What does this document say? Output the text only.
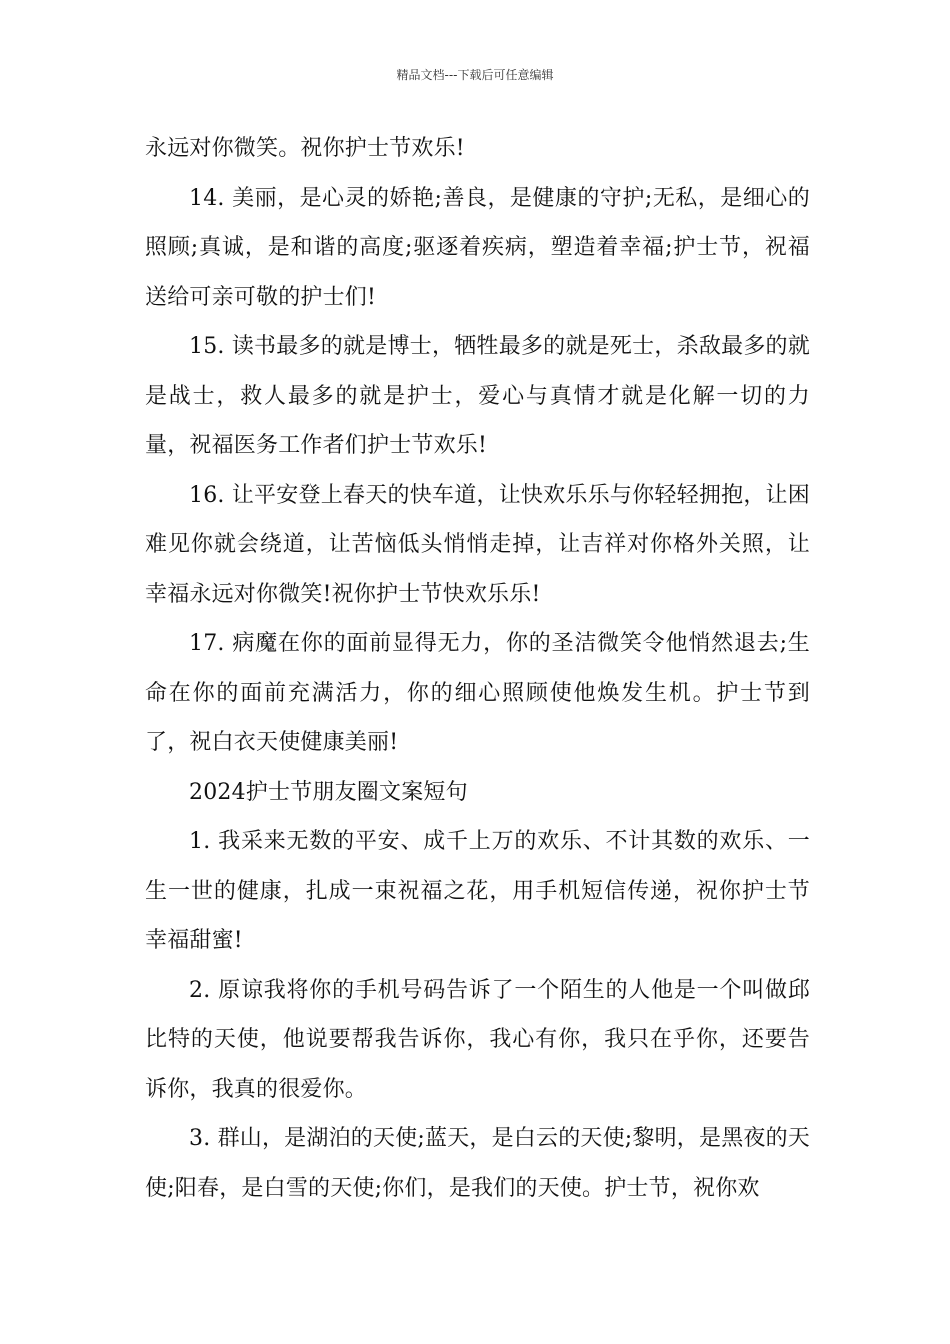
精品文档---下载后可任意编辑

永远对你微笑。祝你护士节欢乐!

14. 美丽，是心灵的娇艳;善良，是健康的守护;无私，是细心的照顾;真诚，是和谐的高度;驱逐着疾病，塑造着幸福;护士节，祝福送给可亲可敬的护士们!

15. 读书最多的就是博士，牺牲最多的就是死士，杀敌最多的就是战士，救人最多的就是护士，爱心与真情才就是化解一切的力量，祝福医务工作者们护士节欢乐!

16. 让平安登上春天的快车道，让快欢乐乐与你轻轻拥抱，让困难见你就会绕道，让苦恼低头悄悄走掉，让吉祥对你格外关照，让幸福永远对你微笑!祝你护士节快欢乐乐!

17. 病魔在你的面前显得无力，你的圣洁微笑令他悄然退去;生命在你的面前充满活力，你的细心照顾使他焕发生机。护士节到了，祝白衣天使健康美丽!

2024护士节朋友圈文案短句

1. 我采来无数的平安、成千上万的欢乐、不计其数的欢乐、一生一世的健康，扎成一束祝福之花，用手机短信传递，祝你护士节幸福甜蜜!

2. 原谅我将你的手机号码告诉了一个陌生的人他是一个叫做邱比特的天使，他说要帮我告诉你，我心有你，我只在乎你，还要告诉你，我真的很爱你。

3. 群山，是湖泊的天使;蓝天，是白云的天使;黎明，是黑夜的天使;阳春，是白雪的天使;你们，是我们的天使。护士节，祝你欢
